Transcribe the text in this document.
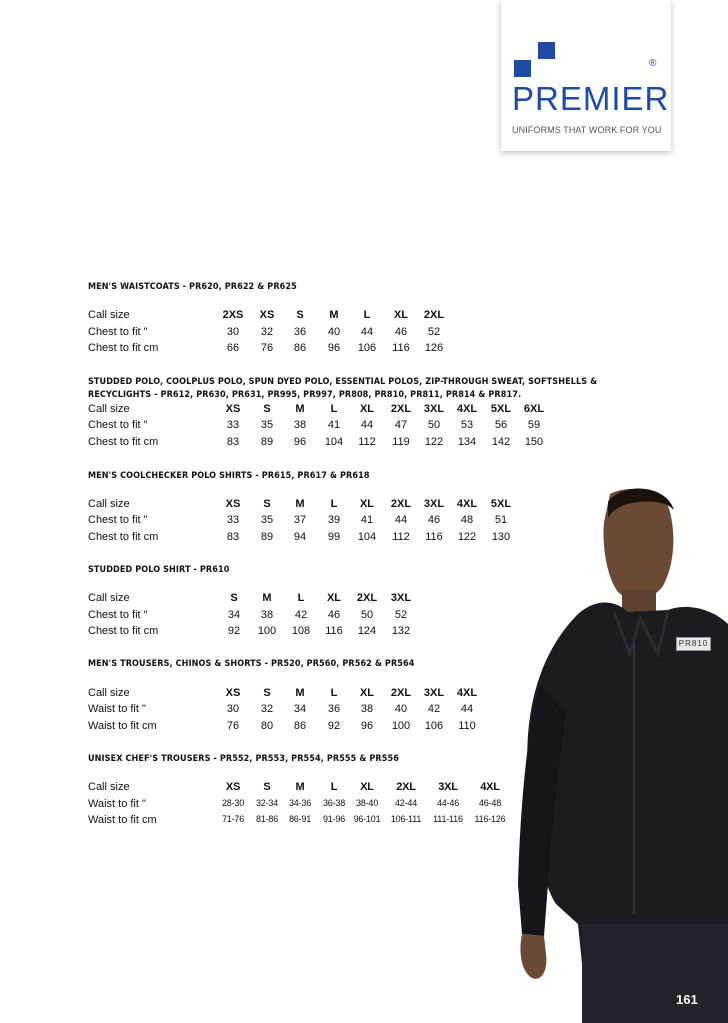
PREMIER
®
UNIFORMS THAT WORK FOR YOU
PR810
161
MEN'S WAISTCOATS - PR620, PR622 & PR625
Call size	2XS	XS	S	M	L	XL	2XL
Chest to fit "	30	32	36	40	44	46	52
Chest to fit cm	66	76	86	96	106	116	126
STUDDED POLO, COOLPLUS POLO, SPUN DYED POLO, ESSENTIAL POLOS, ZIP-THROUGH SWEAT, SOFTSHELLS & RECYCLIGHTS - PR612, PR630, PR631, PR995, PR997, PR808, PR810, PR811, PR814 & PR817.
Call size	XS	S	M	L	XL	2XL	3XL	4XL	5XL	6XL
Chest to fit "	33	35	38	41	44	47	50	53	56	59
Chest to fit cm	83	89	96	104	112	119	122	134	142	150
MEN'S COOLCHECKER POLO SHIRTS - PR615, PR617 & PR618
Call size	XS	S	M	L	XL	2XL	3XL	4XL	5XL
Chest to fit "	33	35	37	39	41	44	46	48	51
Chest to fit cm	83	89	94	99	104	112	116	122	130
STUDDED POLO SHIRT - PR610
Call size	S	M	L	XL	2XL	3XL
Chest to fit "	34	38	42	46	50	52
Chest to fit cm	92	100	108	116	124	132
MEN'S TROUSERS, CHINOS & SHORTS - PR520, PR560, PR562 & PR564
Call size	XS	S	M	L	XL	2XL	3XL	4XL
Waist to fit "	30	32	34	36	38	40	42	44
Waist to fit cm	76	80	86	92	96	100	106	110
UNISEX CHEF'S TROUSERS - PR552, PR553, PR554, PR555 & PR556
Call size	XS	S	M	L	XL	2XL	3XL	4XL
Waist to fit "	28-30	32-34	34-36	36-38	38-40	42-44	44-46	46-48
Waist to fit cm	71-76	81-86	86-91	91-96 96-101	106-111	111-116	116-126
